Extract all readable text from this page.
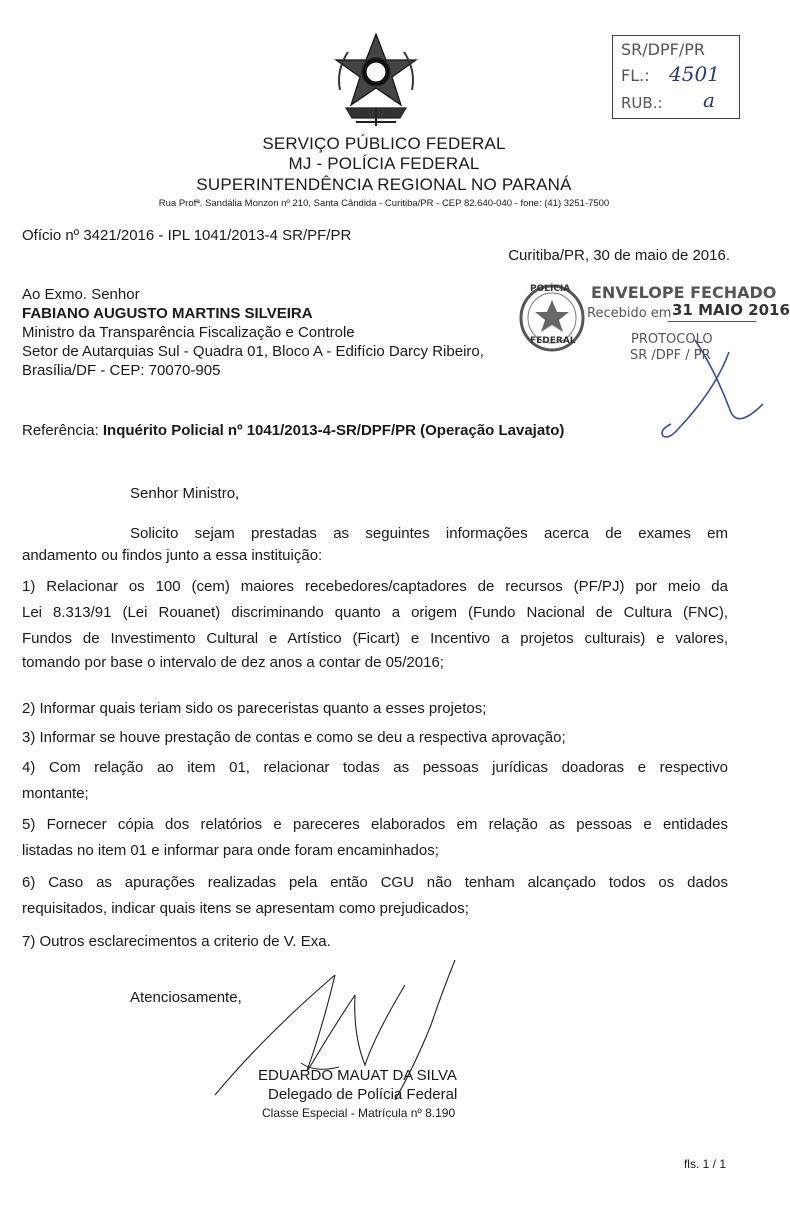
SR/DPF/PR
FL.: 4501
RUB.: a
SERVIÇO PÚBLICO FEDERAL
MJ - POLÍCIA FEDERAL
SUPERINTENDÊNCIA REGIONAL NO PARANÁ
Rua Profª. Sandália Monzon nº 210, Santa Cândida - Curitiba/PR - CEP 82.640-040 - fone: (41) 3251-7500
Ofício nº 3421/2016 - IPL 1041/2013-4 SR/PF/PR
Curitiba/PR, 30 de maio de 2016.
Ao Exmo. Senhor
FABIANO AUGUSTO MARTINS SILVEIRA
Ministro da Transparência Fiscalização e Controle
Setor de Autarquias Sul - Quadra 01, Bloco A - Edifício Darcy Ribeiro,
Brasília/DF - CEP: 70070-905
POLÍCIA
FEDERAL
ENVELOPE FECHADO
Recebido em 31 MAIO 2016
PROTOCOLO
SR /DPF / PR
Referência: Inquérito Policial nº 1041/2013-4-SR/DPF/PR (Operação Lavajato)
Senhor Ministro,
Solicito sejam prestadas as seguintes informações acerca de exames em
andamento ou findos junto a essa instituição:
1) Relacionar os 100 (cem) maiores recebedores/captadores de recursos (PF/PJ) por meio da
Lei 8.313/91 (Lei Rouanet) discriminando quanto a origem (Fundo Nacional de Cultura (FNC),
Fundos de Investimento Cultural e Artístico (Ficart) e Incentivo a projetos culturais) e valores,
tomando por base o intervalo de dez anos a contar de 05/2016;
2) Informar quais teriam sido os pareceristas quanto a esses projetos;
3) Informar se houve prestação de contas e como se deu a respectiva aprovação;
4) Com relação ao item 01, relacionar todas as pessoas jurídicas doadoras e respectivo
montante;
5) Fornecer cópia dos relatórios e pareceres elaborados em relação as pessoas e entidades
listadas no item 01 e informar para onde foram encaminhados;
6) Caso as apurações realizadas pela então CGU não tenham alcançado todos os dados
requisitados, indicar quais itens se apresentam como prejudicados;
7) Outros esclarecimentos a criterio de V. Exa.
Atenciosamente,
EDUARDO MAUAT DA SILVA
Delegado de Polícia Federal
Classe Especial - Matrícula nº 8.190
fls. 1 / 1
